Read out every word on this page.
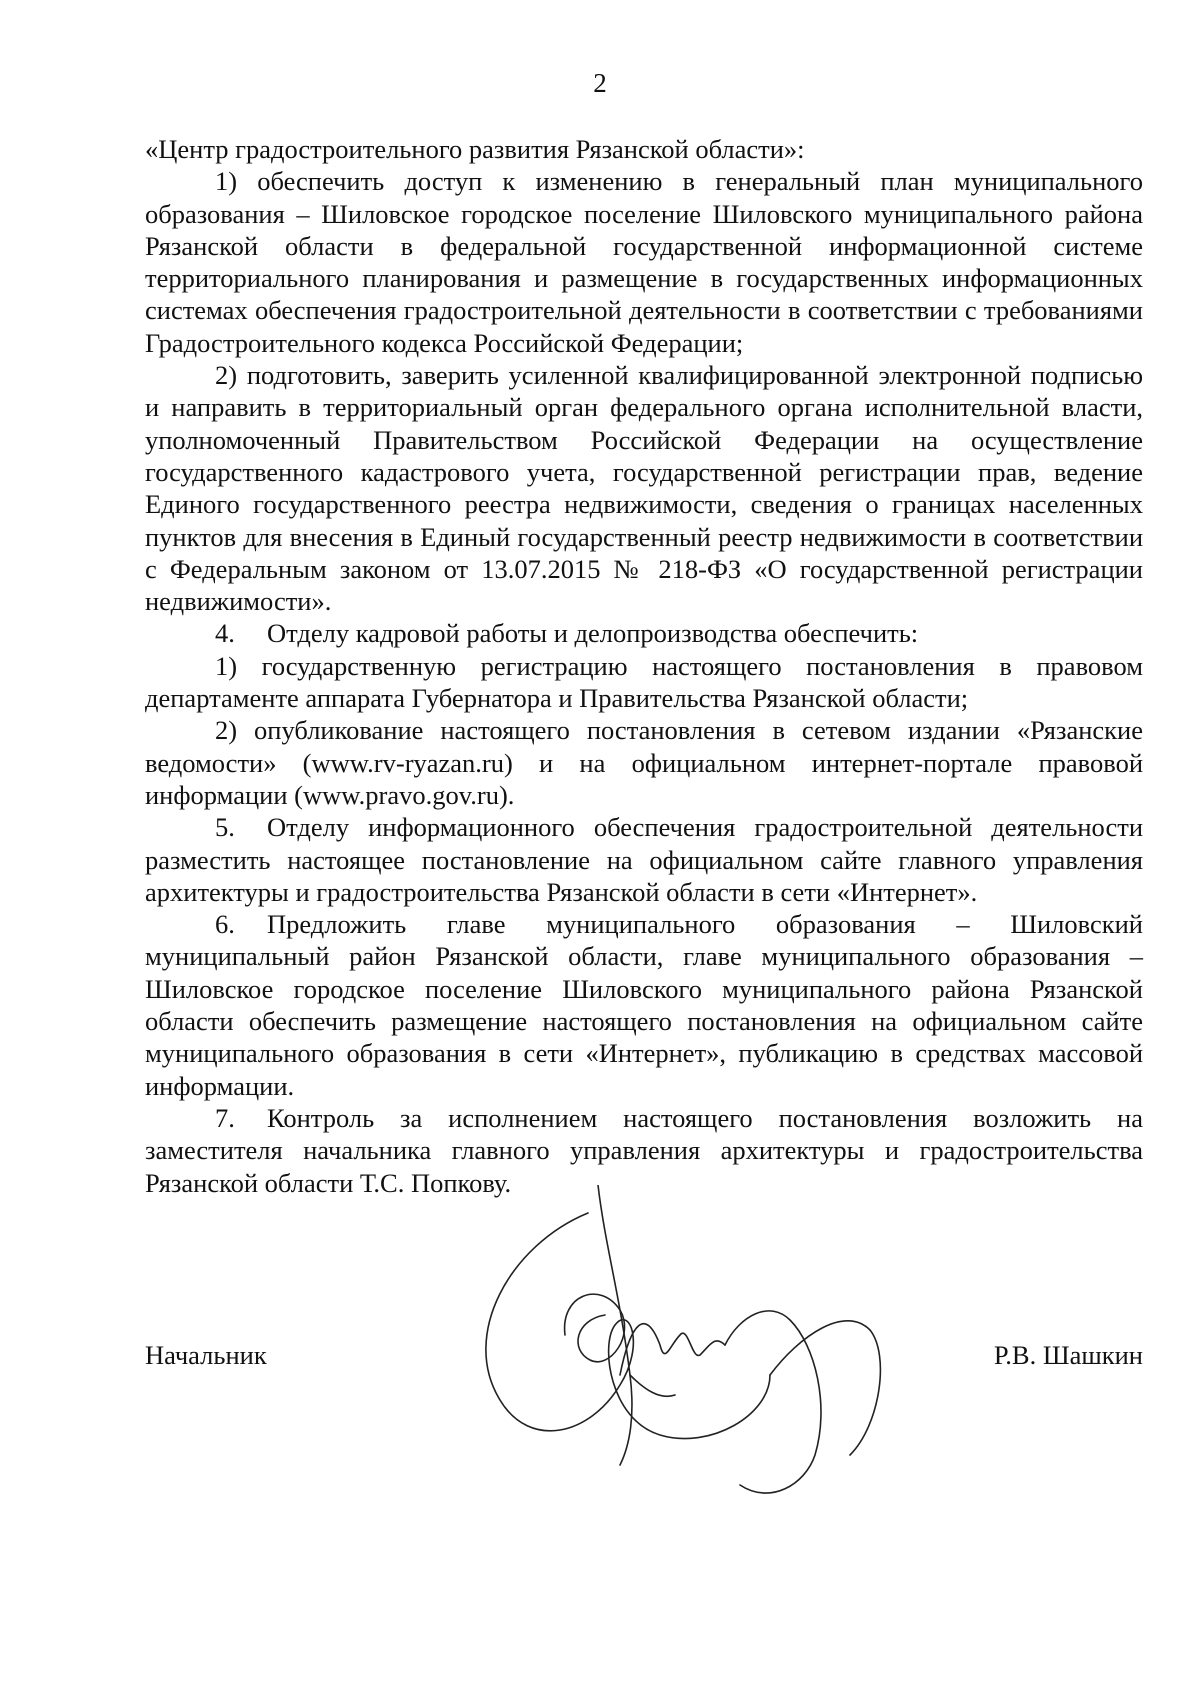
2

«Центр градостроительного развития Рязанской области»:

1) обеспечить доступ к изменению в генеральный план муниципального образования – Шиловское городское поселение Шиловского муниципального района Рязанской области в федеральной государственной информационной системе территориального планирования и размещение в государственных информационных системах обеспечения градостроительной деятельности в соответствии с требованиями Градостроительного кодекса Российской Федерации;

2) подготовить, заверить усиленной квалифицированной электронной подписью и направить в территориальный орган федерального органа исполнительной власти, уполномоченный Правительством Российской Федерации на осуществление государственного кадастрового учета, государственной регистрации прав, ведение Единого государственного реестра недвижимости, сведения о границах населенных пунктов для внесения в Единый государственный реестр недвижимости в соответствии с Федеральным законом от 13.07.2015 № 218-ФЗ «О государственной регистрации недвижимости».

4. Отделу кадровой работы и делопроизводства обеспечить:

1) государственную регистрацию настоящего постановления в правовом департаменте аппарата Губернатора и Правительства Рязанской области;

2) опубликование настоящего постановления в сетевом издании «Рязанские ведомости» (www.rv-ryazan.ru) и на официальном интернет-портале правовой информации (www.pravo.gov.ru).

5. Отделу информационного обеспечения градостроительной деятельности разместить настоящее постановление на официальном сайте главного управления архитектуры и градостроительства Рязанской области в сети «Интернет».

6. Предложить главе муниципального образования – Шиловский муниципальный район Рязанской области, главе муниципального образования – Шиловское городское поселение Шиловского муниципального района Рязанской области обеспечить размещение настоящего постановления на официальном сайте муниципального образования в сети «Интернет», публикацию в средствах массовой информации.

7. Контроль за исполнением настоящего постановления возложить на заместителя начальника главного управления архитектуры и градостроительства Рязанской области Т.С. Попкову.

Начальник	Р.В. Шашкин
